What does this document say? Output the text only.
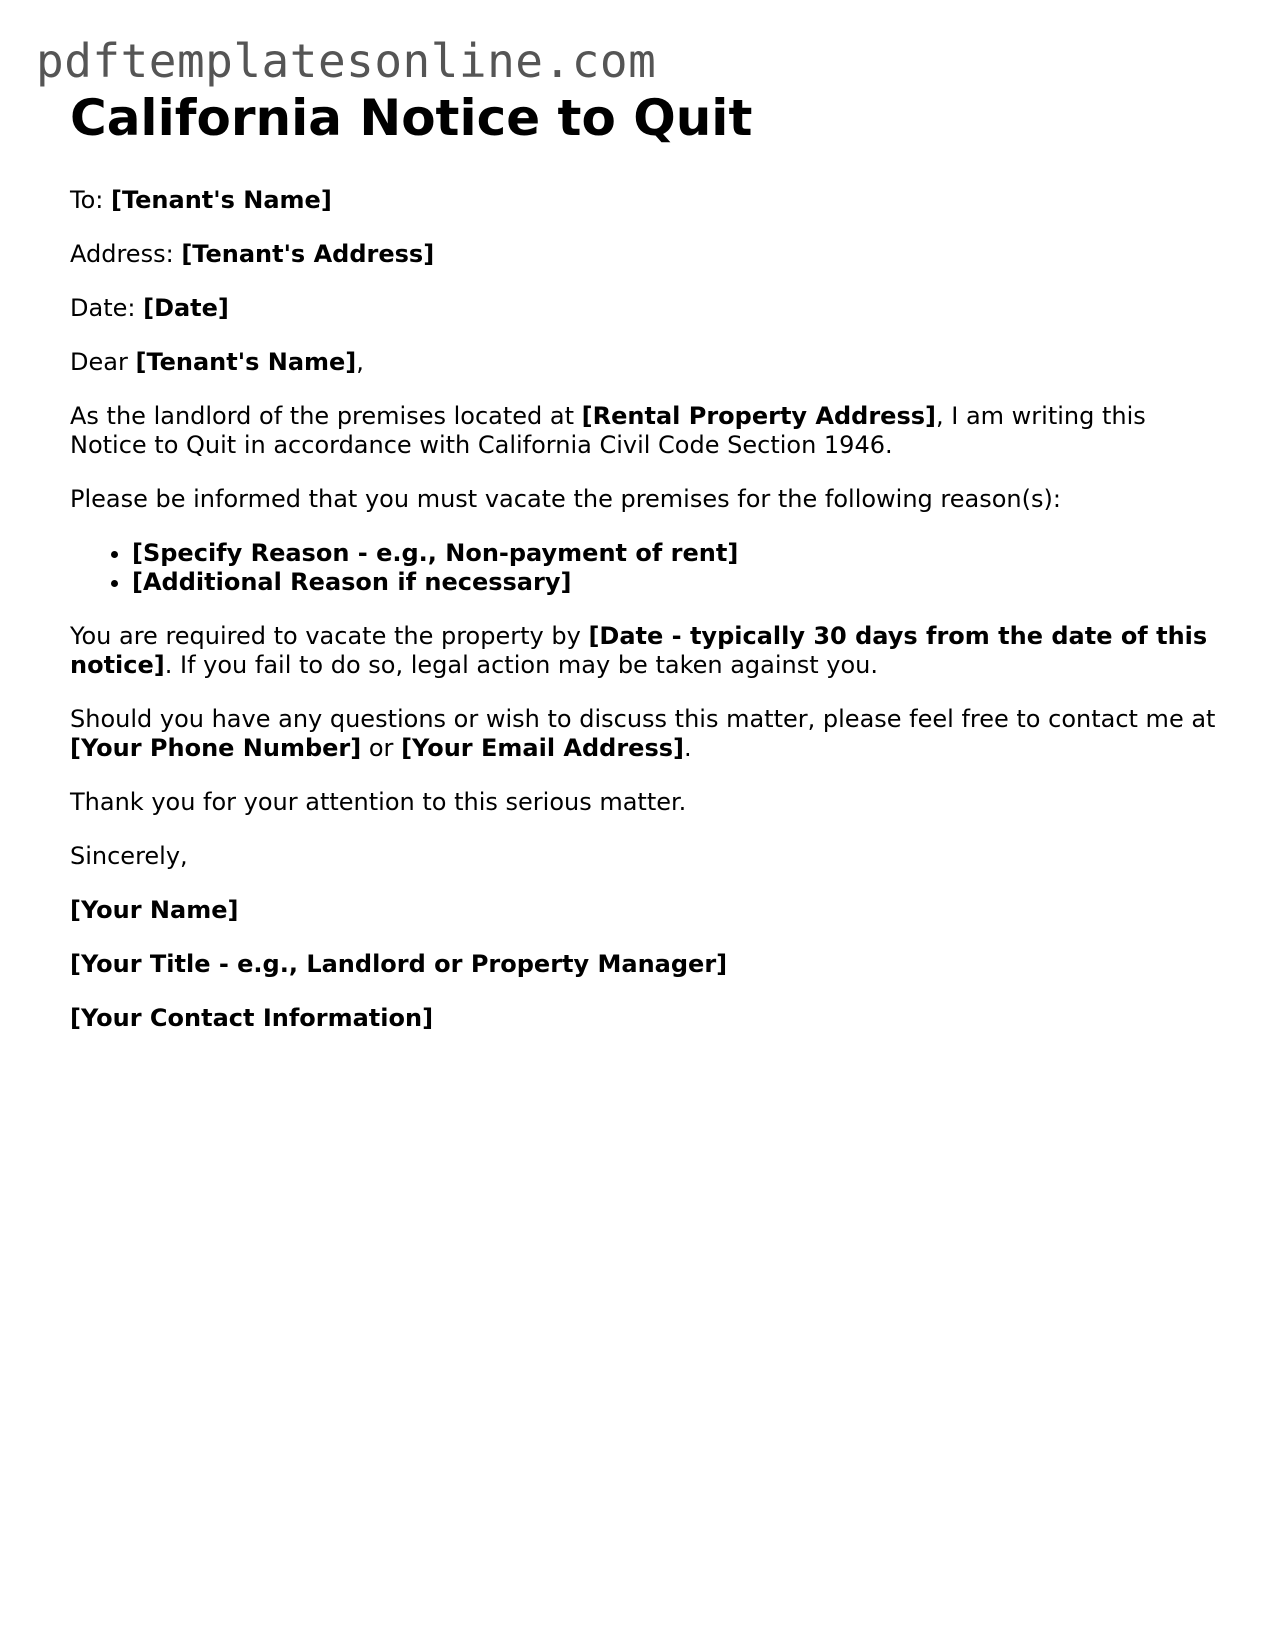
pdftemplatesonline.com
California Notice to Quit

To: [Tenant's Name]

Address: [Tenant's Address]

Date: [Date]

Dear [Tenant's Name],

As the landlord of the premises located at [Rental Property Address], I am writing this Notice to Quit in accordance with California Civil Code Section 1946.

Please be informed that you must vacate the premises for the following reason(s):

• [Specify Reason - e.g., Non-payment of rent]
• [Additional Reason if necessary]

You are required to vacate the property by [Date - typically 30 days from the date of this notice]. If you fail to do so, legal action may be taken against you.

Should you have any questions or wish to discuss this matter, please feel free to contact me at [Your Phone Number] or [Your Email Address].

Thank you for your attention to this serious matter.

Sincerely,

[Your Name]

[Your Title - e.g., Landlord or Property Manager]

[Your Contact Information]
